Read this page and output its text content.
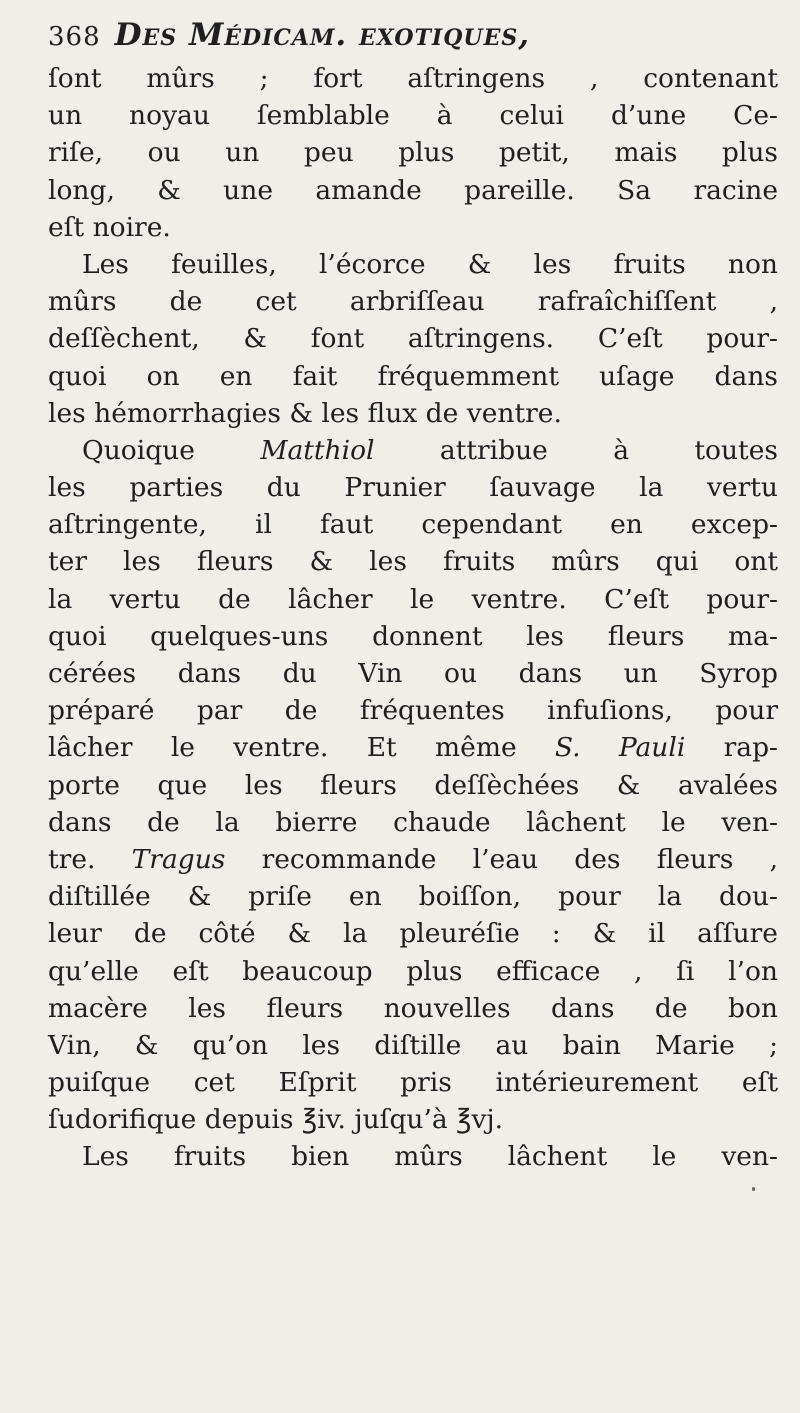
368 Des Médicam. exotiques,
ſont mûrs ; fort aſtringens , contenant
un noyau ſemblable à celui d’une Ce-
riſe, ou un peu plus petit, mais plus
long, & une amande pareille. Sa racine
eſt noire.
Les feuilles, l’écorce & les fruits non
mûrs de cet arbriſſeau rafraîchiſſent ,
deſſèchent, & font aſtringens. C’eſt pour-
quoi on en fait fréquemment uſage dans
les hémorrhagies & les flux de ventre.
Quoique Matthiol attribue à toutes
les parties du Prunier ſauvage la vertu
aſtringente, il faut cependant en excep-
ter les fleurs & les fruits mûrs qui ont
la vertu de lâcher le ventre. C’eſt pour-
quoi quelques-uns donnent les fleurs ma-
cérées dans du Vin ou dans un Syrop
préparé par de fréquentes infuſions, pour
lâcher le ventre. Et même S. Pauli rap-
porte que les fleurs deſſèchées & avalées
dans de la bierre chaude lâchent le ven-
tre. Tragus recommande l’eau des fleurs ,
diſtillée & priſe en boiſſon, pour la dou-
leur de côté & la pleuréſie : & il aſſure
qu’elle eſt beaucoup plus efficace , ſi l’on
macère les fleurs nouvelles dans de bon
Vin, & qu’on les diſtille au bain Marie ;
puiſque cet Eſprit pris intérieurement eſt
ſudorifique depuis ℥iv. juſqu’à ℥vj.
Les fruits bien mûrs lâchent le ven-
